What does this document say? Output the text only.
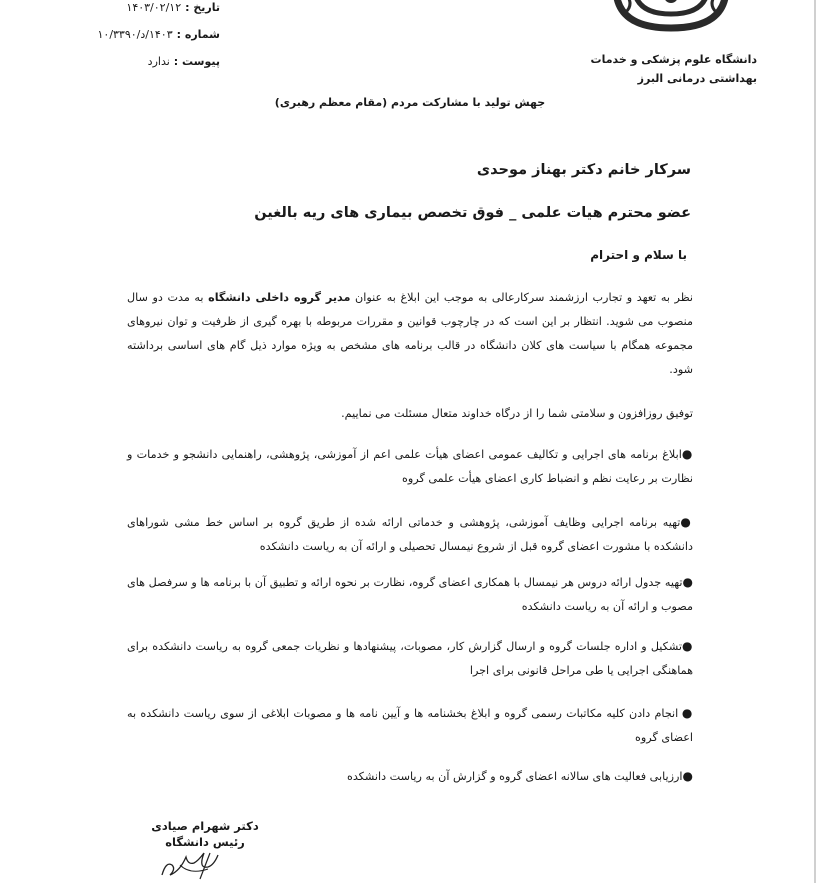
دانشگاه علوم پزشکی و خدمات
بهداشتی درمانی البرز
تاریخ :
۱۴۰۳/۰۲/۱۲
شماره :
۱۴۰۳/د/۱۰/۳۳۹۰
پیوست :
ندارد
جهش تولید با مشارکت مردم (مقام معظم رهبری)
سرکار خانم دکتر بهناز موحدی
عضو محترم هیات علمی _ فوق تخصص بیماری های ریه بالغین
با سلام و احترام

نظر به تعهد و تجارب ارزشمند سرکارعالی به موجب این ابلاغ به عنوان مدیر گروه داخلی دانشگاه به مدت دو سال منصوب می شوید. انتظار بر این است که در چارچوب قوانین و مقررات مربوطه با بهره گیری از ظرفیت و توان نیروهای مجموعه همگام با سیاست های کلان دانشگاه در قالب برنامه های مشخص به ویژه موارد ذیل گام های اساسی برداشته شود.

توفیق روزافزون و سلامتی شما را از درگاه خداوند متعال مسئلت می نماییم.

●ابلاغ برنامه های اجرایی و تکالیف عمومی اعضای هیأت علمی اعم از آموزشی، پژوهشی، راهنمایی دانشجو و خدمات و نظارت بر رعایت نظم و انضباط کاری اعضای هیأت علمی گروه

●تهیه برنامه اجرایی وظایف آموزشی، پژوهشی و خدماتی ارائه شده از طریق گروه بر اساس خط مشی شوراهای دانشکده با مشورت اعضای گروه قبل از شروع نیمسال تحصیلی و ارائه آن به ریاست دانشکده

●تهیه جدول ارائه دروس هر نیمسال با همکاری اعضای گروه، نظارت بر نحوه ارائه و تطبیق آن با برنامه ها و سرفصل های مصوب و ارائه آن به ریاست دانشکده

●تشکیل و اداره جلسات گروه و ارسال گزارش کار، مصوبات، پیشنهادها و نظریات جمعی گروه به ریاست دانشکده برای هماهنگی اجرایی یا طی مراحل قانونی برای اجرا

● انجام دادن کلیه مکاتبات رسمی گروه و ابلاغ بخشنامه ها و آیین نامه ها و مصوبات ابلاغی از سوی ریاست دانشکده به اعضای گروه

●ارزیابی فعالیت های سالانه اعضای گروه و گزارش آن به ریاست دانشکده

دکتر شهرام صیادی
رئیس دانشگاه
